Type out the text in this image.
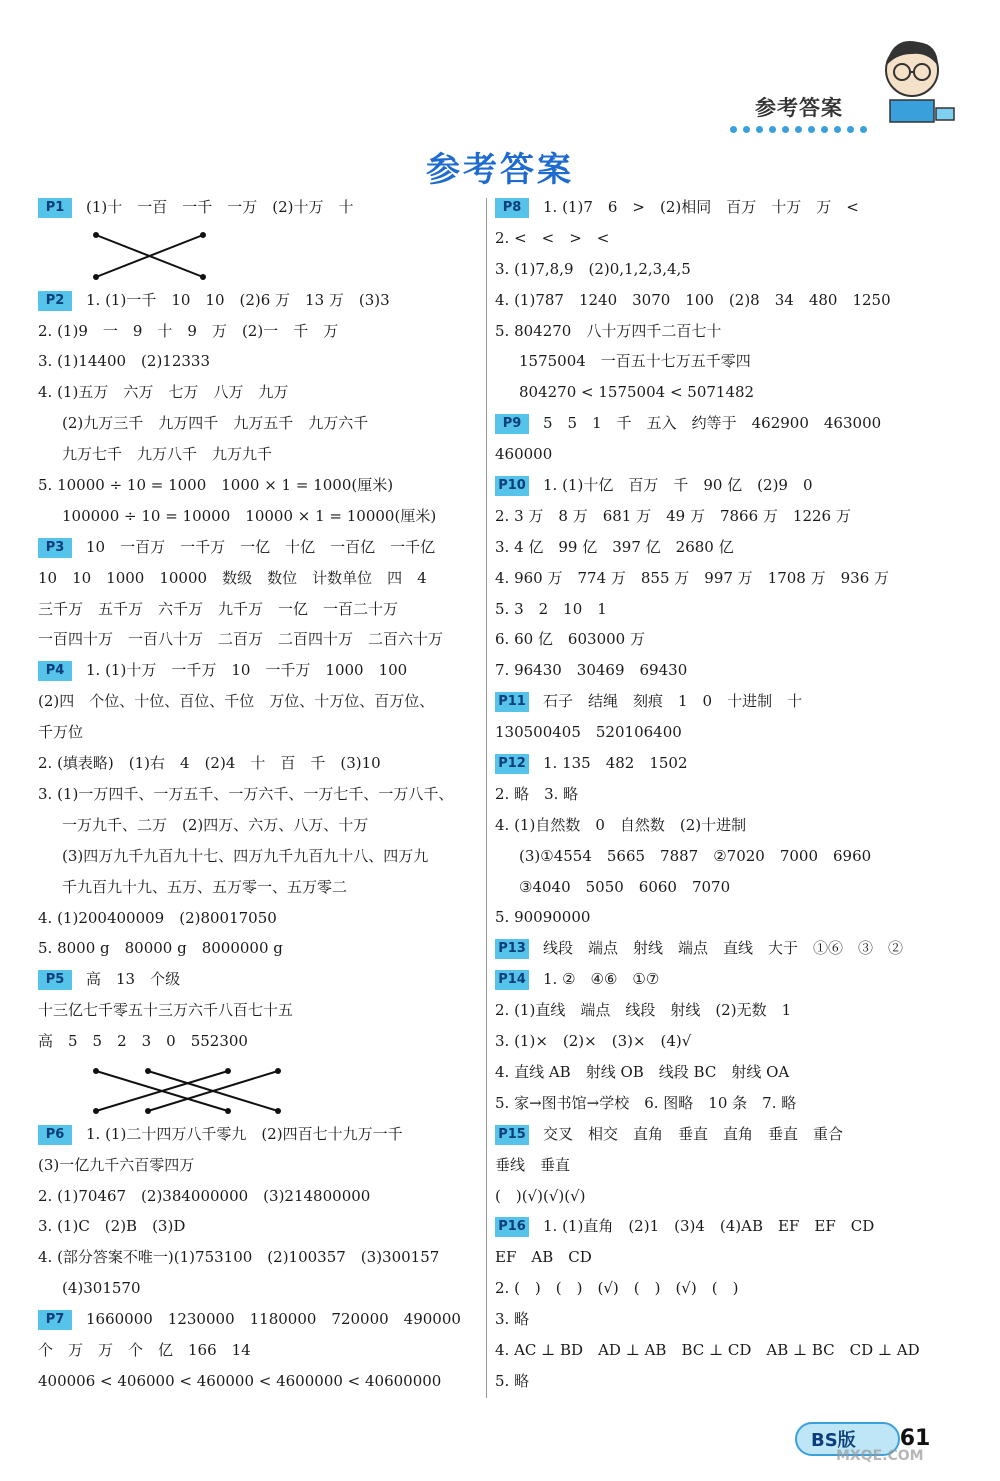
参考答案
参考答案
P1 (1)十　一百　一千　一万　(2)十万　十
P2 1. (1)一千　10　10　(2)6 万　13 万　(3)3
2. (1)9　一　9　十　9　万　(2)一　千　万
3. (1)14400　(2)12333
4. (1)五万　六万　七万　八万　九万
(2)九万三千　九万四千　九万五千　九万六千
九万七千　九万八千　九万九千
5. 10000 ÷ 10 = 1000　1000 × 1 = 1000(厘米)
100000 ÷ 10 = 10000　10000 × 1 = 10000(厘米)
P3 10　一百万　一千万　一亿　十亿　一百亿　一千亿
10　10　1000　10000　数级　数位　计数单位　四　4
三千万　五千万　六千万　九千万　一亿　一百二十万
一百四十万　一百八十万　二百万　二百四十万　二百六十万
P4 1. (1)十万　一千万　10　一千万　1000　100
(2)四　个位、十位、百位、千位　万位、十万位、百万位、
千万位
2. (填表略)　(1)右　4　(2)4　十　百　千　(3)10
3. (1)一万四千、一万五千、一万六千、一万七千、一万八千、
一万九千、二万　(2)四万、六万、八万、十万
(3)四万九千九百九十七、四万九千九百九十八、四万九
千九百九十九、五万、五万零一、五万零二
4. (1)200400009　(2)80017050
5. 8000 g　80000 g　8000000 g
P5 高　13　个级
十三亿七千零五十三万六千八百七十五
高　5　5　2　3　0　552300
P6 1. (1)二十四万八千零九　(2)四百七十九万一千
(3)一亿九千六百零四万
2. (1)70467　(2)384000000　(3)214800000
3. (1)C　(2)B　(3)D
4. (部分答案不唯一)(1)753100　(2)100357　(3)300157
(4)301570
P7 1660000　1230000　1180000　720000　490000
个　万　万　个　亿　166　14
400006 < 406000 < 460000 < 4600000 < 40600000
P8 1. (1)7　6　>　(2)相同　百万　十万　万　<
2. <　<　>　<
3. (1)7,8,9　(2)0,1,2,3,4,5
4. (1)787　1240　3070　100　(2)8　34　480　1250
5. 804270　八十万四千二百七十
1575004　一百五十七万五千零四
804270 < 1575004 < 5071482
P9 5　5　1　千　五入　约等于　462900　463000
460000
P10 1. (1)十亿　百万　千　90 亿　(2)9　0
2. 3 万　8 万　681 万　49 万　7866 万　1226 万
3. 4 亿　99 亿　397 亿　2680 亿
4. 960 万　774 万　855 万　997 万　1708 万　936 万
5. 3　2　10　1
6. 60 亿　603000 万
7. 96430　30469　69430
P11 石子　结绳　刻痕　1　0　十进制　十
130500405　520106400
P12 1. 135　482　1502
2. 略　3. 略
4. (1)自然数　0　自然数　(2)十进制
(3)①4554　5665　7887　②7020　7000　6960
③4040　5050　6060　7070
5. 90090000
P13 线段　端点　射线　端点　直线　大于　①⑥　③　②
P14 1. ②　④⑥　①⑦
2. (1)直线　端点　线段　射线　(2)无数　1
3. (1)×　(2)×　(3)×　(4)√
4. 直线 AB　射线 OB　线段 BC　射线 OA
5. 家→图书馆→学校　6. 图略　10 条　7. 略
P15 交叉　相交　直角　垂直　直角　垂直　重合
垂线　垂直
(　)(√)(√)(√)
P16 1. (1)直角　(2)1　(3)4　(4)AB　EF　EF　CD
EF　AB　CD
2. (　)　(　)　(√)　(　)　(√)　(　)
3. 略
4. AC ⊥ BD　AD ⊥ AB　BC ⊥ CD　AB ⊥ BC　CD ⊥ AD
5. 略
BS版	61
MXQE.COM
